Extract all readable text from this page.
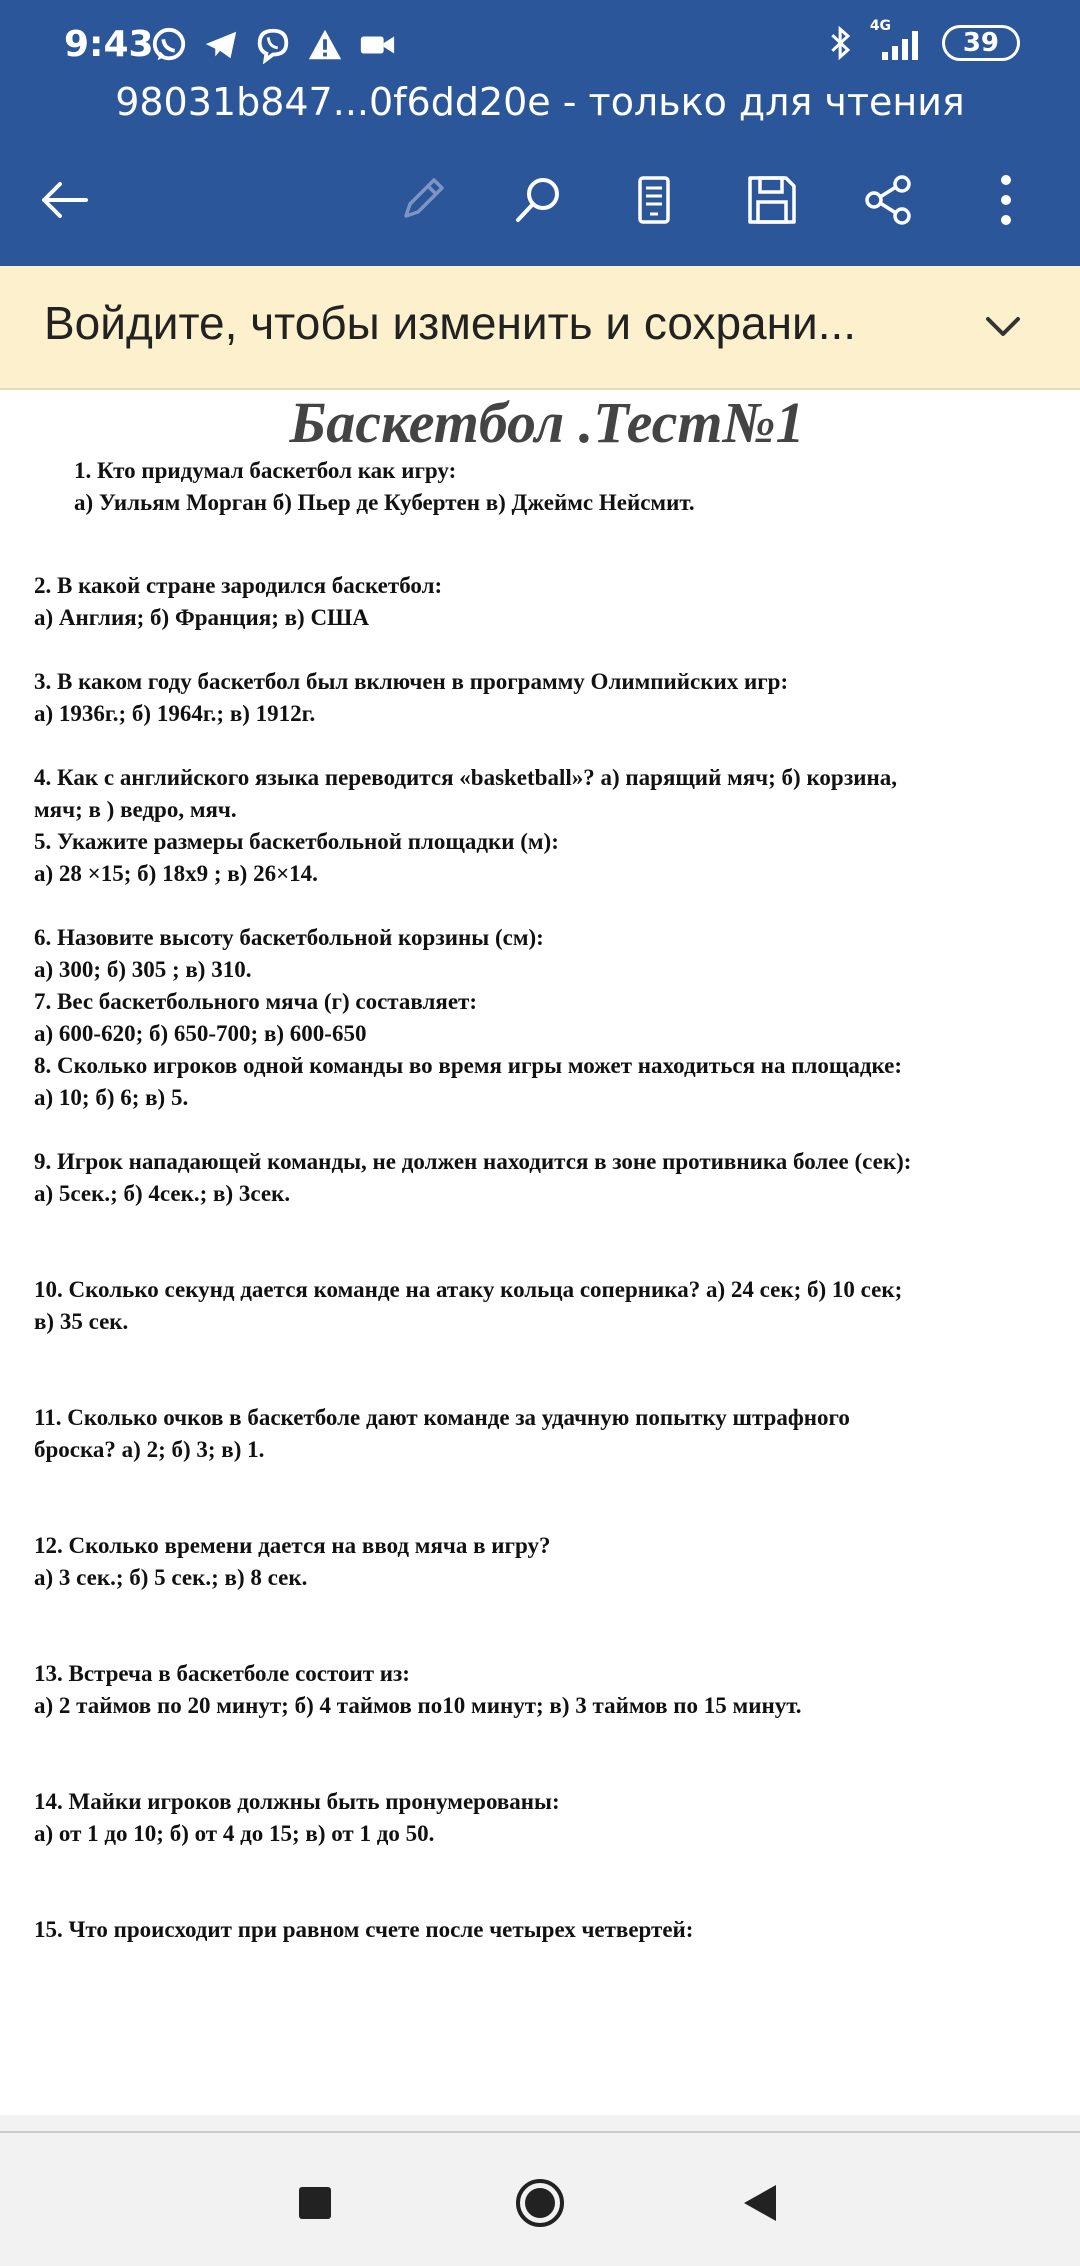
9:43	4G
39
98031b847...0f6dd20e - только для чтения
Войдите, чтобы изменить и сохрани...
Баскетбол .Тест№1
1. Кто придумал баскетбол как игру:
а) Уильям Морган б) Пьер де Кубертен в) Джеймс Нейсмит.
2. В какой стране зародился баскетбол:
а) Англия; б) Франция; в) США
3. В каком году баскетбол был включен в программу Олимпийских игр:
а) 1936г.; б) 1964г.; в) 1912г.
4. Как с английского языка переводится «basketball»? а) парящий мяч; б) корзина,
мяч; в ) ведро, мяч.
5. Укажите размеры баскетбольной площадки (м):
а) 28 ×15; б) 18х9 ; в) 26×14.
6. Назовите высоту баскетбольной корзины (см):
а) 300; б) 305 ; в) 310.
7. Вес баскетбольного мяча (г) составляет:
а) 600-620; б) 650-700; в) 600-650
8. Сколько игроков одной команды во время игры может находиться на площадке:
а) 10; б) 6; в) 5.
9. Игрок нападающей команды, не должен находится в зоне противника более (сек):
а) 5сек.; б) 4сек.; в) 3сек.
10. Сколько секунд дается команде на атаку кольца соперника? а) 24 сек; б) 10 сек;
в) 35 сек.
11. Сколько очков в баскетболе дают команде за удачную попытку штрафного
броска? а) 2; б) 3; в) 1.
12. Сколько времени дается на ввод мяча в игру?
а) 3 сек.; б) 5 сек.; в) 8 сек.
13. Встреча в баскетболе состоит из:
а) 2 таймов по 20 минут; б) 4 таймов по10 минут; в) 3 таймов по 15 минут.
14. Майки игроков должны быть пронумерованы:
а) от 1 до 10; б) от 4 до 15; в) от 1 до 50.
15. Что происходит при равном счете после четырех четвертей:
